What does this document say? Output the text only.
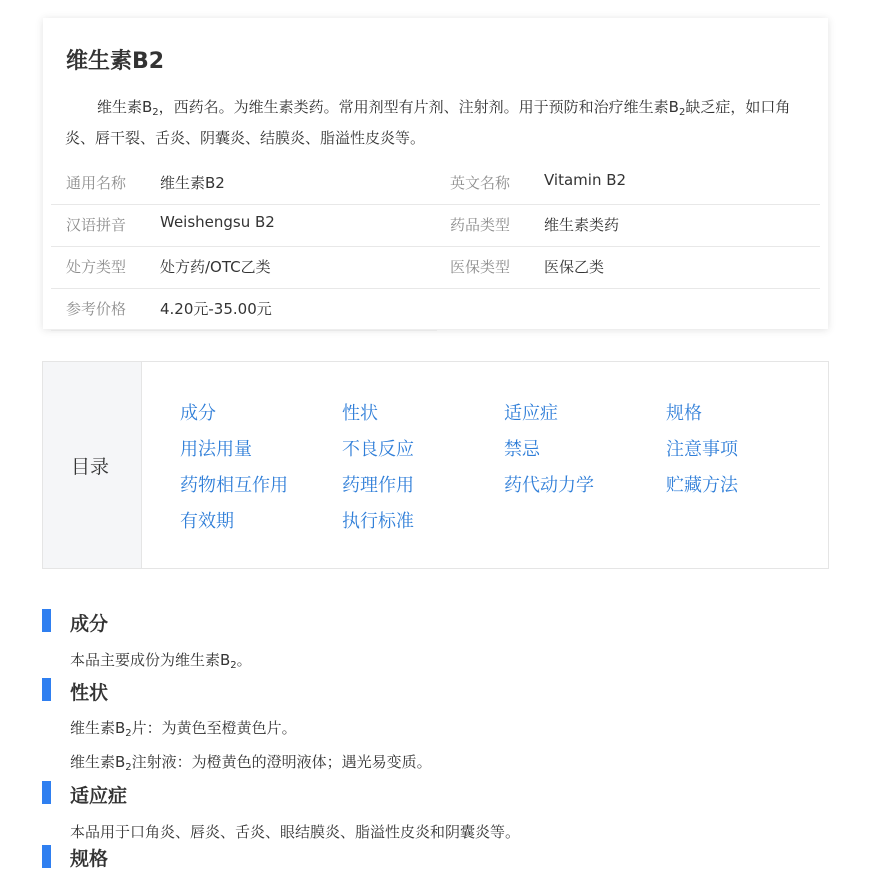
维生素B2
维生素$B_2$，西药名。为维生素类药。常用剂型有片剂、注射剂。用于预防和治疗维生素$B_2$缺乏症，如口角炎、唇干裂、舌炎、阴囊炎、结膜炎、脂溢性皮炎等。
通用名称 维生素B2	英文名称 Vitamin B2
汉语拼音 Weishengsu B2	药品类型 维生素类药
处方类型 处方药/OTC乙类	医保类型 医保乙类
参考价格 4.20元-35.00元
目录
成分	性状	适应症	规格
用法用量	不良反应	禁忌	注意事项
药物相互作用	药理作用	药代动力学	贮藏方法
有效期	执行标准
成分
本品主要成份为维生素$B_2$。
性状
维生素$B_2$片：为黄色至橙黄色片。
维生素$B_2$注射液：为橙黄色的澄明液体；遇光易变质。
适应症
本品用于口角炎、唇炎、舌炎、眼结膜炎、脂溢性皮炎和阴囊炎等。
规格
